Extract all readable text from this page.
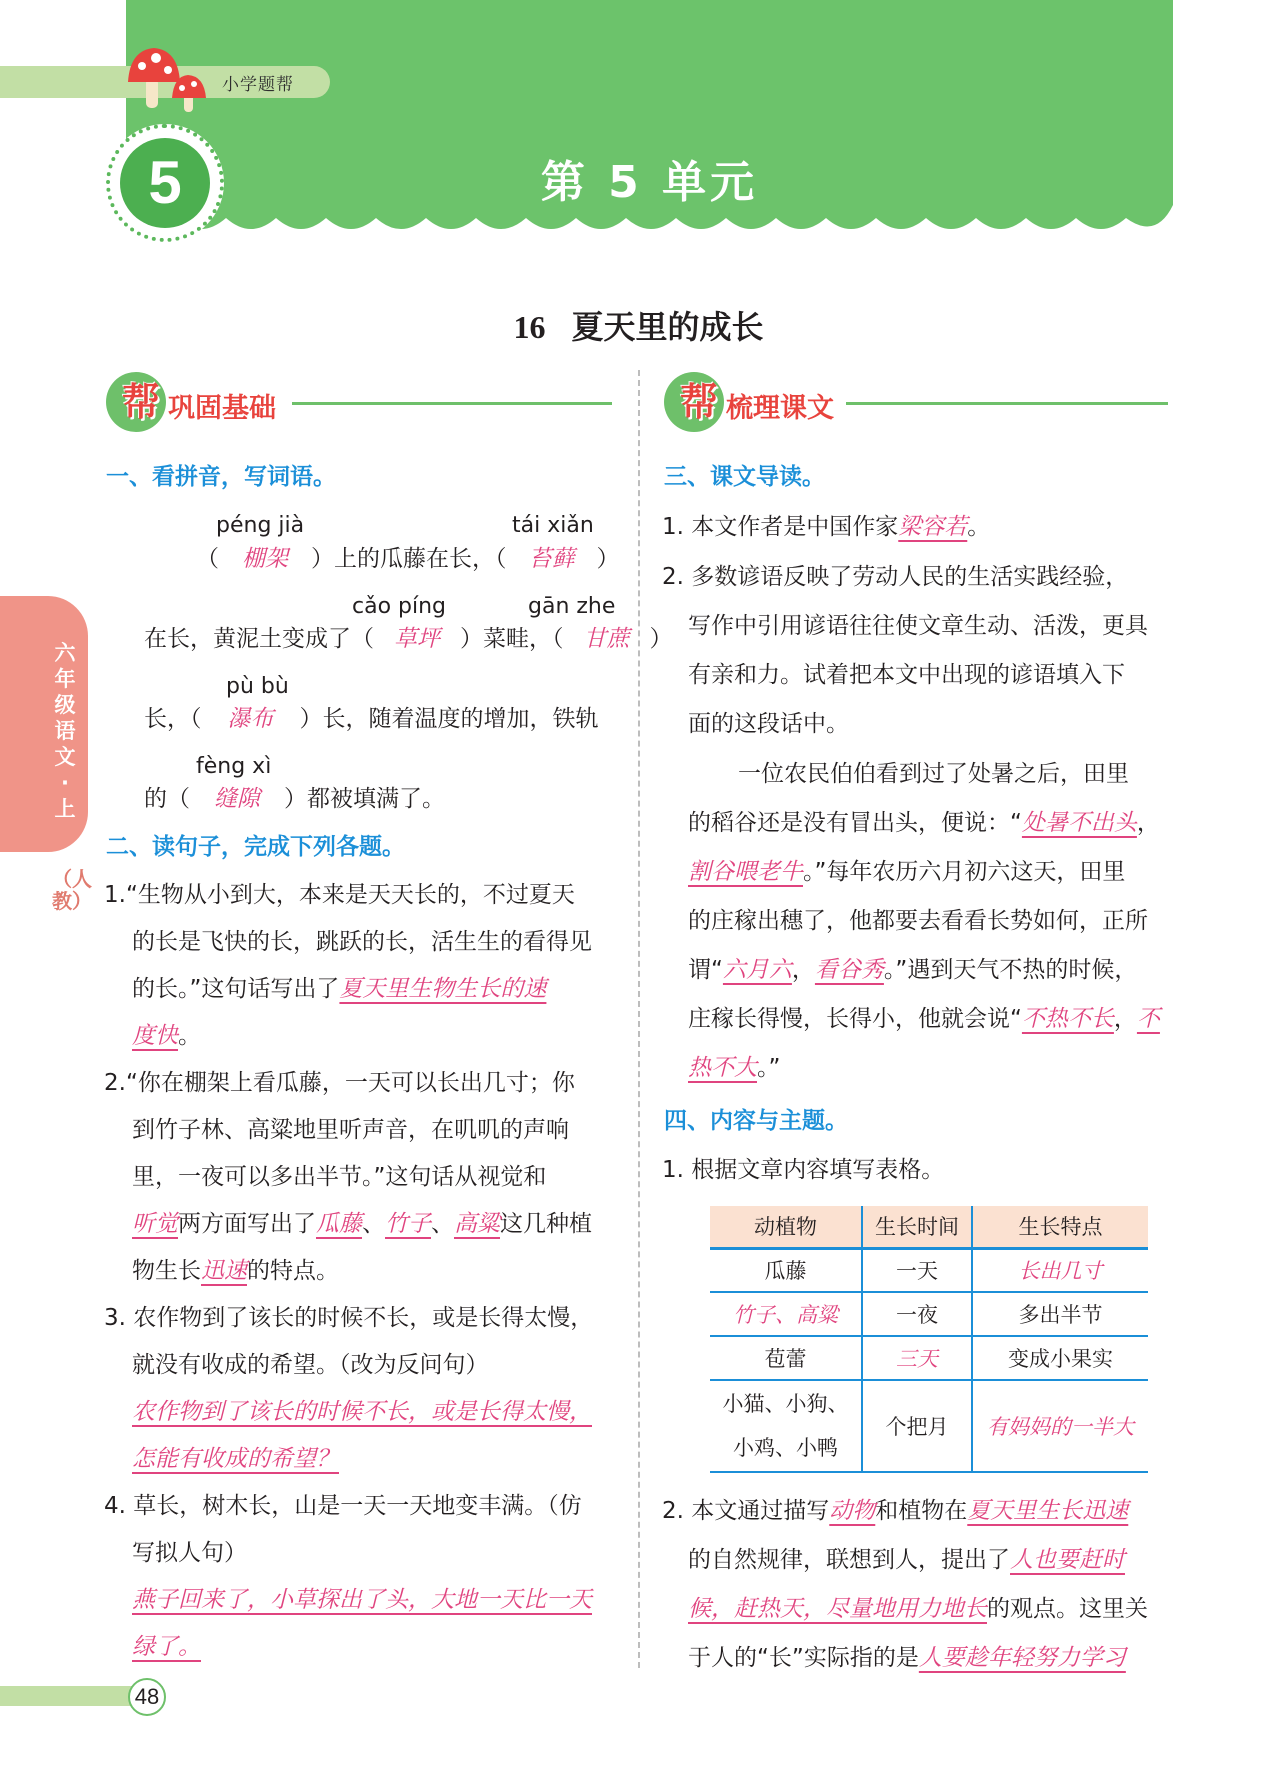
小学题帮
5	第 5 单元
16 夏天里的成长
六年级语文·上
（人教）
帮 巩固基础
一、看拼音，写词语。
péng jià	tái xiǎn
（ 棚架 ）上的瓜藤在长，（ 苔藓 ）
cǎo píng	gān zhe
在长，黄泥土变成了（ 草坪 ）菜畦，（ 甘蔗 ）
pù bù
长，（ 瀑布 ）长，随着温度的增加，铁轨
fèng xì
的（ 缝隙 ）都被填满了。
二、读句子，完成下列各题。
1.“生物从小到大，本来是天天长的，不过夏天
的长是飞快的长，跳跃的长，活生生的看得见
的长。”这句话写出了夏天里生物生长的速
度快。
2.“你在棚架上看瓜藤，一天可以长出几寸；你
到竹子林、高粱地里听声音，在叽叽的声响
里，一夜可以多出半节。”这句话从视觉和
听觉两方面写出了瓜藤、竹子、高粱这几种植
物生长迅速的特点。
3. 农作物到了该长的时候不长，或是长得太慢，
就没有收成的希望。（改为反问句）
农作物到了该长的时候不长，或是长得太慢，
怎能有收成的希望？
4. 草长，树木长，山是一天一天地变丰满。（仿
写拟人句）
燕子回来了，小草探出了头，大地一天比一天
绿了。
帮 梳理课文
三、课文导读。
1. 本文作者是中国作家梁容若。
2. 多数谚语反映了劳动人民的生活实践经验，
写作中引用谚语往往使文章生动、活泼，更具
有亲和力。试着把本文中出现的谚语填入下
面的这段话中。
一位农民伯伯看到过了处暑之后，田里
的稻谷还是没有冒出头，便说：“处暑不出头，
割谷喂老牛。”每年农历六月初六这天，田里
的庄稼出穗了，他都要去看看长势如何，正所
谓“六月六，看谷秀。”遇到天气不热的时候，
庄稼长得慢，长得小，他就会说“不热不长，不
热不大。”
四、内容与主题。
1. 根据文章内容填写表格。
动植物	生长时间	生长特点
瓜藤	一天	长出几寸
竹子、高粱	一夜	多出半节
苞蕾	三天	变成小果实

小猫、小狗、
小鸡、小鸭	个把月	有妈妈的一半大
2. 本文通过描写动物和植物在夏天里生长迅速
的自然规律，联想到人，提出了人也要赶时
候，赶热天，尽量地用力地长的观点。这里关
于人的“长”实际指的是人要趁年轻努力学习
48
